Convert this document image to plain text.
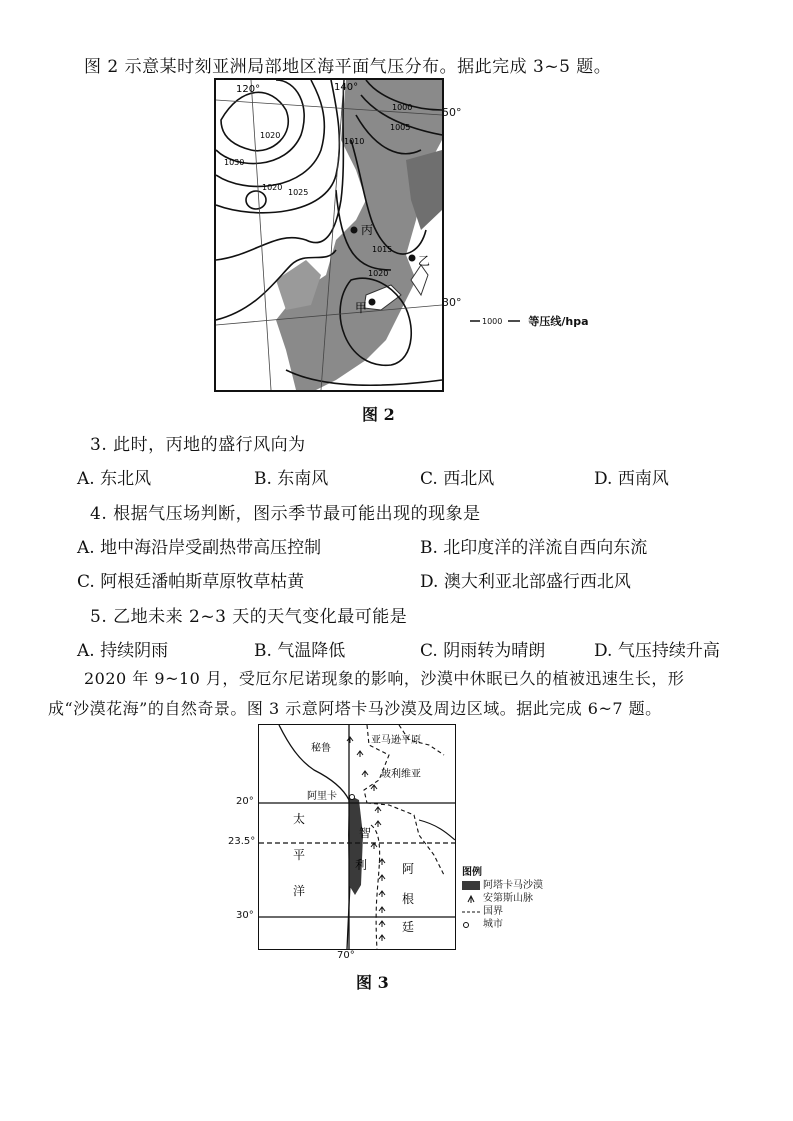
图 2 示意某时刻亚洲局部地区海平面气压分布。据此完成 3~5 题。
120°	140°
1000
1005
1010
1015
1020
1020
1025
1030
1020
丙
乙
甲
50°
30°
1000 等压线/hpa
图 2
3. 此时，丙地的盛行风向为
A. 东北风	B. 东南风	C. 西北风	D. 西南风
4. 根据气压场判断，图示季节最可能出现的现象是
A. 地中海沿岸受副热带高压控制	B. 北印度洋的洋流自西向东流
C. 阿根廷潘帕斯草原牧草枯黄	D. 澳大利亚北部盛行西北风
5. 乙地未来 2~3 天的天气变化最可能是
A. 持续阴雨	B. 气温降低	C. 阴雨转为晴朗	D. 气压持续升高
2020 年 9~10 月，受厄尔尼诺现象的影响，沙漠中休眠已久的植被迅速生长，形
成“沙漠花海”的自然奇景。图 3 示意阿塔卡马沙漠及周边区域。据此完成 6~7 题。
秘鲁
亚马逊平原
玻利维亚
阿里卡
智
利	阿
根
廷
太
平
洋
20°
23.5°
30°
70°
图例
阿塔卡马沙漠
安第斯山脉
国界
城市
图 3
